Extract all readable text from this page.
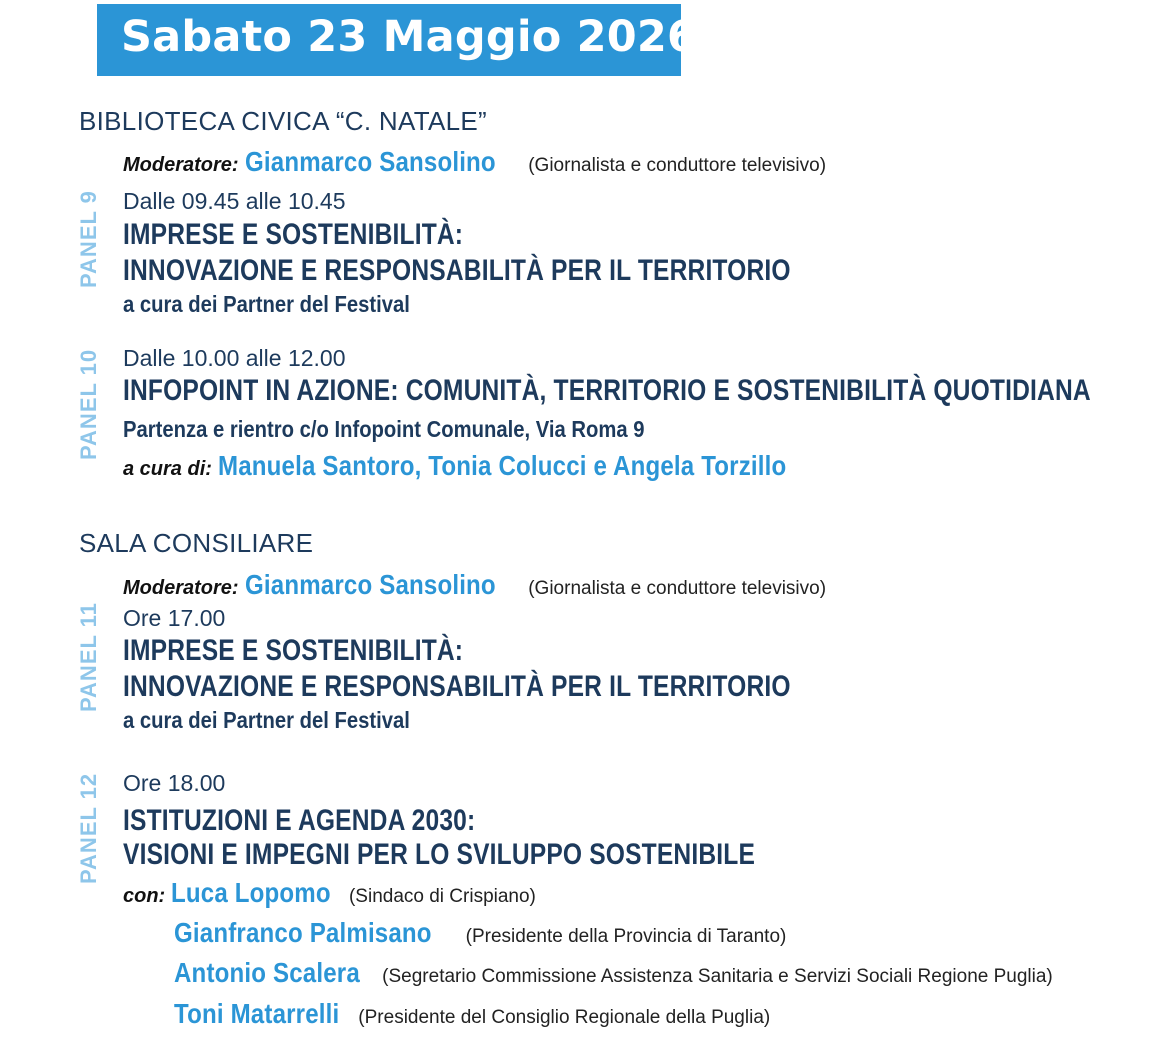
Sabato 23 Maggio 2026
BIBLIOTECA CIVICA “C. NATALE”
Moderatore: Gianmarco Sansolino (Giornalista e conduttore televisivo)
PANEL 9 Dalle 09.45 alle 10.45
IMPRESE E SOSTENIBILITÀ:
INNOVAZIONE E RESPONSABILITÀ PER IL TERRITORIO
a cura dei Partner del Festival
PANEL 10 Dalle 10.00 alle 12.00
INFOPOINT IN AZIONE: COMUNITÀ, TERRITORIO E SOSTENIBILITÀ QUOTIDIANA
Partenza e rientro c/o Infopoint Comunale, Via Roma 9
a cura di: Manuela Santoro, Tonia Colucci e Angela Torzillo
SALA CONSILIARE
Moderatore: Gianmarco Sansolino (Giornalista e conduttore televisivo)
PANEL 11 Ore 17.00
IMPRESE E SOSTENIBILITÀ:
INNOVAZIONE E RESPONSABILITÀ PER IL TERRITORIO
a cura dei Partner del Festival
PANEL 12 Ore 18.00
ISTITUZIONI E AGENDA 2030:
VISIONI E IMPEGNI PER LO SVILUPPO SOSTENIBILE
con: Luca Lopomo (Sindaco di Crispiano)
Gianfranco Palmisano (Presidente della Provincia di Taranto)
Antonio Scalera (Segretario Commissione Assistenza Sanitaria e Servizi Sociali Regione Puglia)
Toni Matarrelli (Presidente del Consiglio Regionale della Puglia)
